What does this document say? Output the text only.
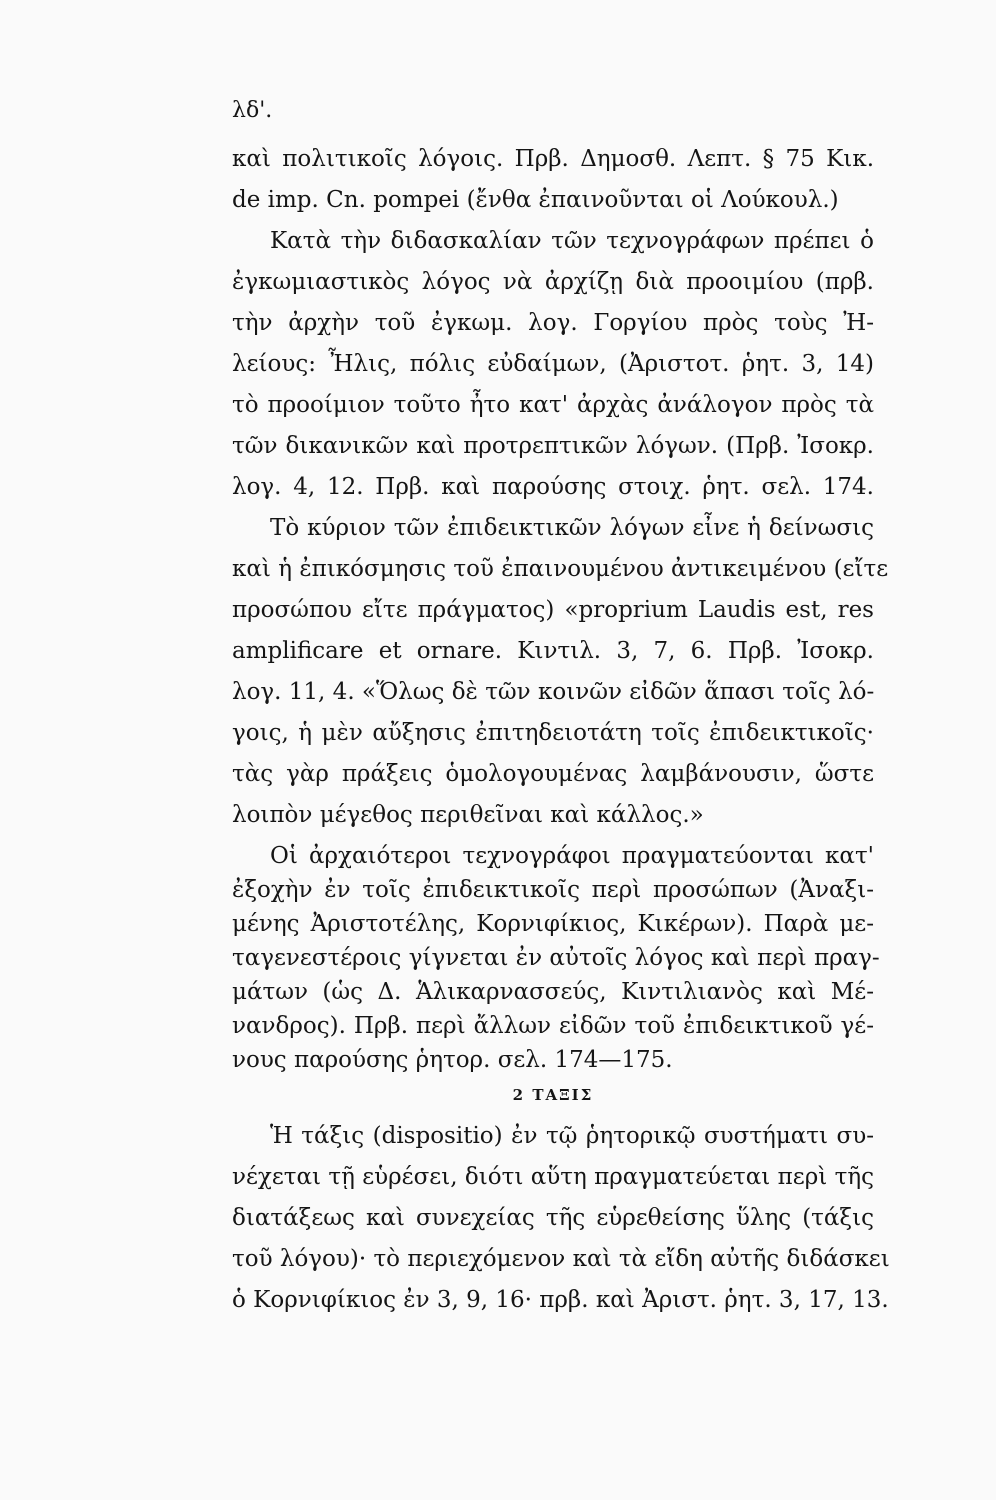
λδ'.
καὶ πολιτικοῖς λόγοις. Πρβ. Δημοσθ. Λεπτ. § 75 Κικ.
de imp. Cn. pompei (ἔνθα ἐπαινοῦνται οἱ Λούκουλ.)
Κατὰ τὴν διδασκαλίαν τῶν τεχνογράφων πρέπει ὁ
ἐγκωμιαστικὸς λόγος νὰ ἀρχίζῃ διὰ προοιμίου (πρβ.
τὴν ἀρχὴν τοῦ ἐγκωμ. λογ. Γοργίου πρὸς τοὺς Ἠ-
λείους: Ἦλις, πόλις εὐδαίμων, (Ἀριστοτ. ῥητ. 3, 14)
τὸ προοίμιον τοῦτο ἦτο κατ' ἀρχὰς ἀνάλογον πρὸς τὰ
τῶν δικανικῶν καὶ προτρεπτικῶν λόγων. (Πρβ. Ἰσοκρ.
λογ. 4, 12. Πρβ. καὶ παρούσης στοιχ. ῥητ. σελ. 174.
Τὸ κύριον τῶν ἐπιδεικτικῶν λόγων εἶνε ἡ δείνωσις
καὶ ἡ ἐπικόσμησις τοῦ ἐπαινουμένου ἀντικειμένου (εἴτε
προσώπου εἴτε πράγματος) «proprium Laudis est, res
amplificare et ornare. Κιντιλ. 3, 7, 6. Πρβ. Ἰσοκρ.
λογ. 11, 4. «Ὅλως δὲ τῶν κοινῶν εἰδῶν ἅπασι τοῖς λό-
γοις, ἡ μὲν αὔξησις ἐπιτηδειοτάτη τοῖς ἐπιδεικτικοῖς·
τὰς γὰρ πράξεις ὁμολογουμένας λαμβάνουσιν, ὥστε
λοιπὸν μέγεθος περιθεῖναι καὶ κάλλος.»
Οἱ ἀρχαιότεροι τεχνογράφοι πραγματεύονται κατ'
ἐξοχὴν ἐν τοῖς ἐπιδεικτικοῖς περὶ προσώπων (Ἀναξι-
μένης Ἀριστοτέλης, Κορνιφίκιος, Κικέρων). Παρὰ με-
ταγενεστέροις γίγνεται ἐν αὐτοῖς λόγος καὶ περὶ πραγ-
μάτων (ὡς Δ. Ἁλικαρνασσεύς, Κιντιλιανὸς καὶ Μέ-
νανδρος). Πρβ. περὶ ἄλλων εἰδῶν τοῦ ἐπιδεικτικοῦ γέ-
νους παρούσης ῥητορ. σελ. 174—175.
2 ΤΑΞΙΣ
Ἡ τάξις (dispositio) ἐν τῷ ῥητορικῷ συστήματι συ-
νέχεται τῇ εὑρέσει, διότι αὕτη πραγματεύεται περὶ τῆς
διατάξεως καὶ συνεχείας τῆς εὑρεθείσης ὕλης (τάξις
τοῦ λόγου)· τὸ περιεχόμενον καὶ τὰ εἴδη αὐτῆς διδάσκει
ὁ Κορνιφίκιος ἐν 3, 9, 16· πρβ. καὶ Ἀριστ. ῥητ. 3, 17, 13.
